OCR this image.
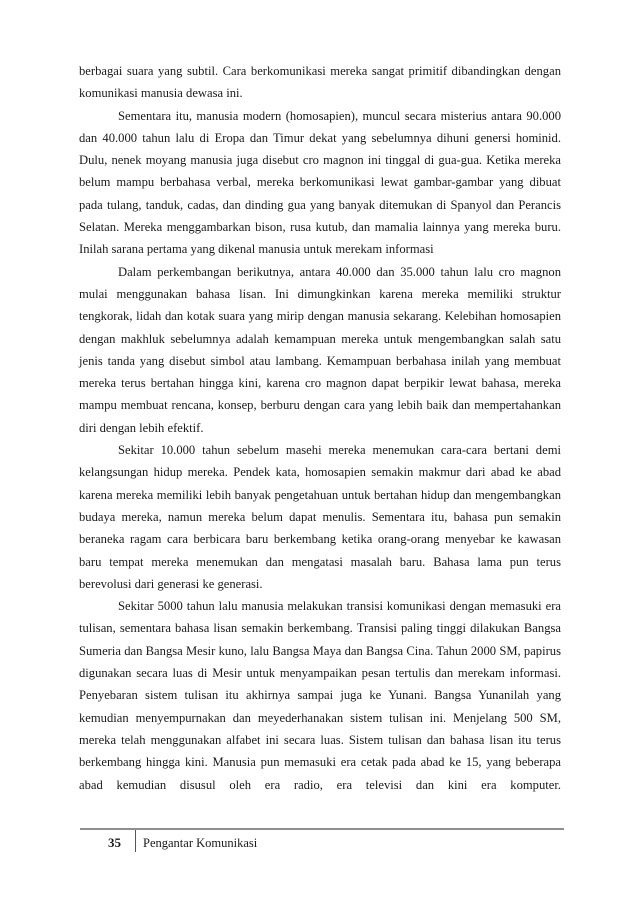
berbagai suara yang subtil. Cara berkomunikasi mereka sangat primitif dibandingkan dengan komunikasi manusia dewasa ini.

Sementara itu, manusia modern (homosapien), muncul secara misterius antara 90.000 dan 40.000 tahun lalu di Eropa dan Timur dekat yang sebelumnya dihuni genersi hominid. Dulu, nenek moyang manusia juga disebut cro magnon ini tinggal di gua-gua. Ketika mereka belum mampu berbahasa verbal, mereka berkomunikasi lewat gambar-gambar yang dibuat pada tulang, tanduk, cadas, dan dinding gua yang banyak ditemukan di Spanyol dan Perancis Selatan. Mereka menggambarkan bison, rusa kutub, dan mamalia lainnya yang mereka buru. Inilah sarana pertama yang dikenal manusia untuk merekam informasi

Dalam perkembangan berikutnya, antara 40.000 dan 35.000 tahun lalu cro magnon mulai menggunakan bahasa lisan. Ini dimungkinkan karena mereka memiliki struktur tengkorak, lidah dan kotak suara yang mirip dengan manusia sekarang. Kelebihan homosapien dengan makhluk sebelumnya adalah kemampuan mereka untuk mengembangkan salah satu jenis tanda yang disebut simbol atau lambang. Kemampuan berbahasa inilah yang membuat mereka terus bertahan hingga kini, karena cro magnon dapat berpikir lewat bahasa, mereka mampu membuat rencana, konsep, berburu dengan cara yang lebih baik dan mempertahankan diri dengan lebih efektif.

Sekitar 10.000 tahun sebelum masehi mereka menemukan cara-cara bertani demi kelangsungan hidup mereka. Pendek kata, homosapien semakin makmur dari abad ke abad karena mereka memiliki lebih banyak pengetahuan untuk bertahan hidup dan mengembangkan budaya mereka, namun mereka belum dapat menulis. Sementara itu, bahasa pun semakin beraneka ragam cara berbicara baru berkembang ketika orang-orang menyebar ke kawasan baru tempat mereka menemukan dan mengatasi masalah baru. Bahasa lama pun terus berevolusi dari generasi ke generasi.

Sekitar 5000 tahun lalu manusia melakukan transisi komunikasi dengan memasuki era tulisan, sementara bahasa lisan semakin berkembang. Transisi paling tinggi dilakukan Bangsa Sumeria dan Bangsa Mesir kuno, lalu Bangsa Maya dan Bangsa Cina. Tahun 2000 SM, papirus digunakan secara luas di Mesir untuk menyampaikan pesan tertulis dan merekam informasi. Penyebaran sistem tulisan itu akhirnya sampai juga ke Yunani. Bangsa Yunanilah yang kemudian menyempurnakan dan meyederhanakan sistem tulisan ini. Menjelang 500 SM, mereka telah menggunakan alfabet ini secara luas. Sistem tulisan dan bahasa lisan itu terus berkembang hingga kini. Manusia pun memasuki era cetak pada abad ke 15, yang beberapa abad kemudian disusul oleh era radio, era televisi dan kini era komputer.

35 Pengantar Komunikasi
